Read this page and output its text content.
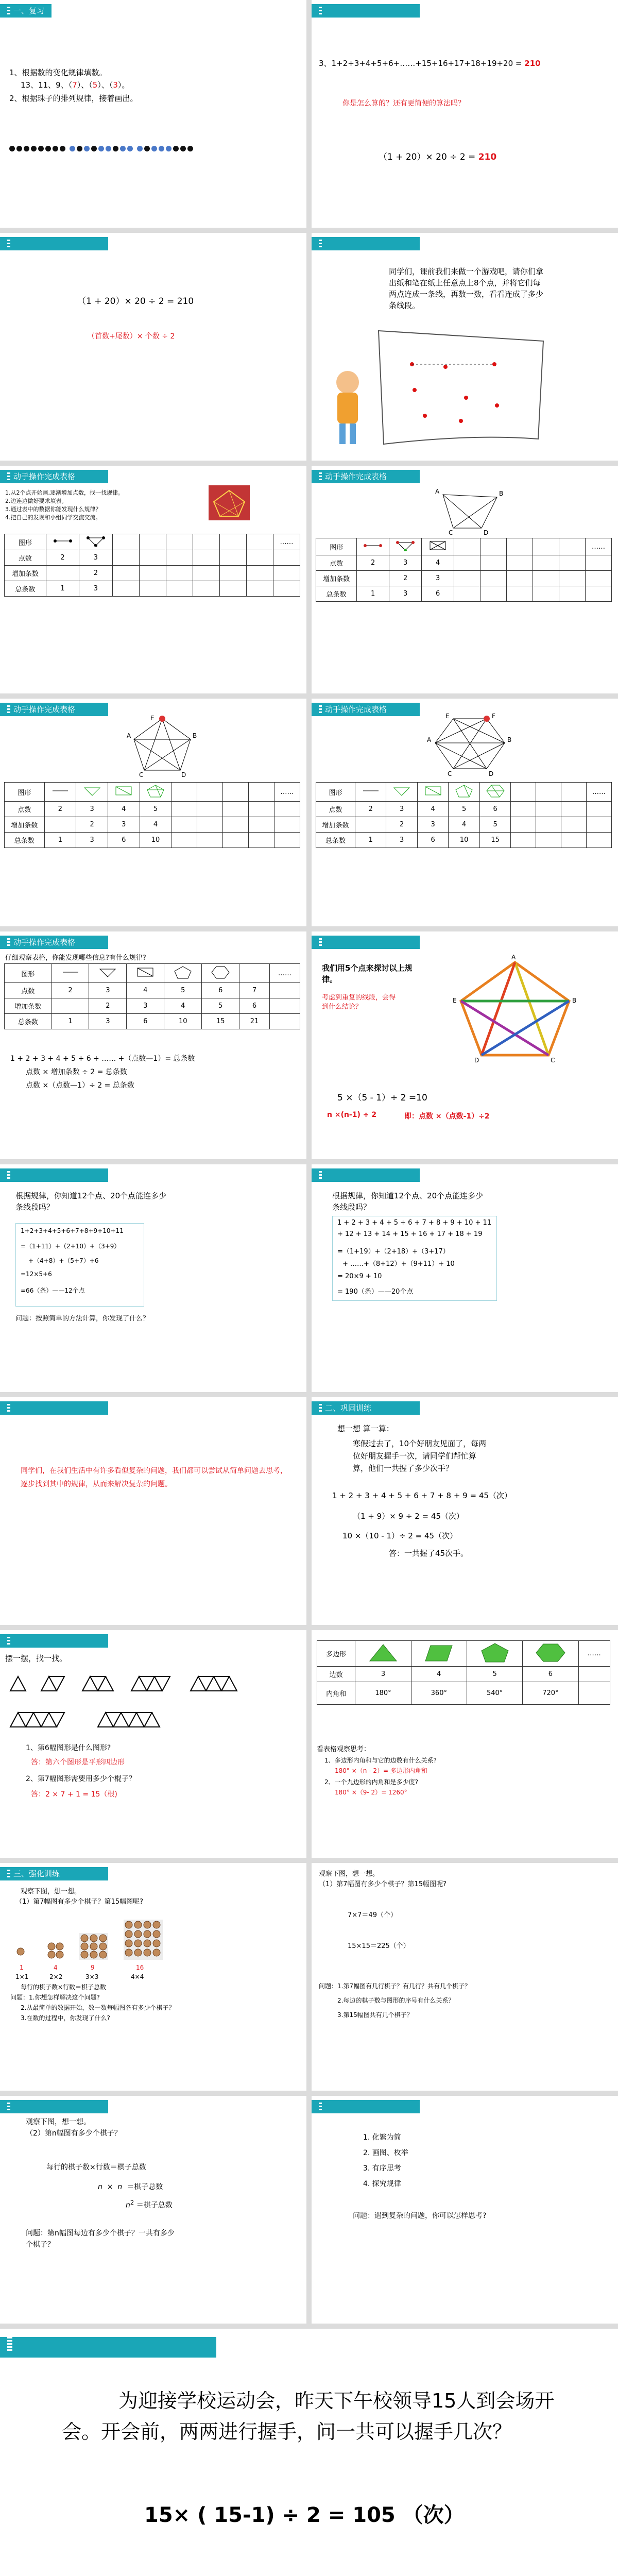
一、复习导入
1、根据数的变化规律填数。
13、11、9、（7）、（5）、（3）。
2、根据珠子的排列规律，接着画出。

3、1+2+3+4+5+6+……+15+16+17+18+19+20 = 210
你是怎么算的？还有更简便的算法吗？
（1 + 20）× 20 ÷ 2 = 210
（1 + 20）× 20 ÷ 2 = 210
（首数+尾数）× 个数 ÷ 2
同学们，课前我们来做一个游戏吧，请你们拿出纸和笔在纸上任意点上8个点，并将它们每两点连成一条线，再数一数，看看连成了多少条线段。
动手操作完成表格
1.从2个点开始画,逐渐增加点数，找一找规律。
2.边连边做好要求填表。
3.通过表中的数据你能发现什么规律？
4.把自己的发现和小组同学交流交流。
图形									……
点数	2	3							
增加条数		2							
总条数	1	3							
动手操作完成表格
A	B
C	D
图形									……
点数	2	3	4						
增加条数		2	3						
总条数	1	3	6						
动手操作完成表格
E
B
A
C	D
图形									……
点数	2	3	4	5					
增加条数		2	3	4					
总条数	1	3	6	10					
动手操作完成表格
E	F
A	B
C	D
图形									……
点数	2	3	4	5	6				
增加条数		2	3	4	5				
总条数	1	3	6	10	15				
动手操作完成表格
仔细观察表格，你能发现哪些信息?有什么规律?
图形							……
点数	2	3	4	5	6	7	
增加条数		2	3	4	5	6	
总条数	1	3	6	10	15	21	
1 + 2 + 3 + 4 + 5 + 6 + …… +（点数—1）= 总条数
点数 × 增加条数 ÷ 2 = 总条数
点数 ×（点数—1）÷ 2 = 总条数
我们用5个点来探讨以上规律。
考虑到重复的线段，会得到什么结论？
A
B
C
D
E
5 ×（5 - 1）÷ 2 =10
n ×(n-1) ÷ 2	即：点数 ×（点数-1）÷2
根据规律，你知道12个点、20个点能连多少条线段吗？
1+2+3+4+5+6+7+8+9+10+11
=（1+11）+（2+10）+（3+9）
+（4+8）+（5+7）+6
=12×5+6
=66（条）——12个点
问题：按照简单的方法计算，你发现了什么？
根据规律，你知道12个点、20个点能连多少条线段吗？
1 + 2 + 3 + 4 + 5 + 6 + 7 + 8 + 9 + 10 + 11
+ 12 + 13 + 14 + 15 + 16 + 17 + 18 + 19
=（1+19）+（2+18）+（3+17）
+ ……+（8+12）+（9+11）+ 10
= 20×9 + 10
= 190（条）——20个点
同学们，在我们生活中有许多看似复杂的问题，我们都可以尝试从简单问题去思考，逐步找到其中的规律，从而来解决复杂的问题。
二、巩固训练
想一想 算一算：
寒假过去了，10个好朋友见面了，每两位好朋友握手一次，请同学们帮忙算算，他们一共握了多少次手？
1 + 2 + 3 + 4 + 5 + 6 + 7 + 8 + 9 = 45（次）
（1 + 9）× 9 ÷ 2 = 45（次）
10 ×（10 - 1）÷ 2 = 45（次）
答：一共握了45次手。
摆一摆，找一找。
1、第6幅图形是什么图形?
答：第六个图形是平形四边形
2、第7幅图形需要用多少个棍子？
答：2 × 7 + 1 = 15（根)
多边形					……
边数	3	4	5	6	
内角和	180°	360°	540°	720°	
看表格观察思考：
1、多边形内角和与它的边数有什么关系?
180° ×（n - 2）= 多边形内角和
2、一个九边形的内角和是多少度?
180° ×（9- 2）= 1260°
三、强化训练
观察下图，想一想。
（1）第7幅图有多少个棋子？第15幅图呢?
1	4	9	16
1×1	2×2	3×3	4×4
每行的棋子数×行数＝棋子总数
问题：1.你想怎样解决这个问题?
2.从最简单的数据开始，数一数每幅图各有多少个棋子？
3.在数的过程中，你发现了什么?
观察下图，想一想。
（1）第7幅图有多少个棋子？第15幅图呢?
7×7＝49（个）
15×15＝225（个）
问题：1.第7幅图有几行棋子？有几行？共有几个棋子？
2.每边的棋子数与图形的序号有什么关系？
3.第15幅图共有几个棋子？
观察下图，想一想。
（2）第n幅图有多少个棋子？
每行的棋子数×行数＝棋子总数
n × n ＝棋子总数
$n^2$ ＝棋子总数
问题：第n幅图每边有多少个棋子？一共有多少个棋子？
1. 化繁为简
2. 画图、枚举
3. 有序思考
4. 探究规律
问题：遇到复杂的问题，你可以怎样思考?
为迎接学校运动会，昨天下午校领导15人到会场开会。开会前，两两进行握手，问一共可以握手几次？
15× ( 15-1) ÷ 2 = 105 （次）
